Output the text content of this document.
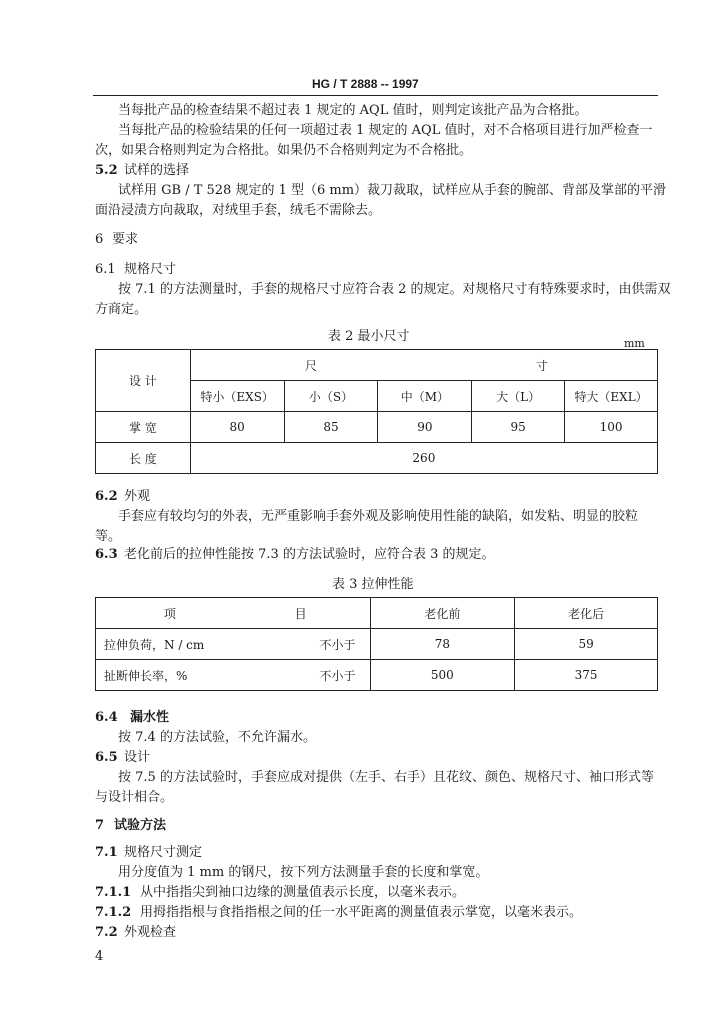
HG / T 2888 -- 1997
当每批产品的检查结果不超过表 1 规定的 AQL 值时，则判定该批产品为合格批。
当每批产品的检验结果的任何一项超过表 1 规定的 AQL 值时，对不合格项目进行加严检查一
次，如果合格则判定为合格批。如果仍不合格则判定为不合格批。
5.2 试样的选择
试样用 GB / T 528 规定的 1 型（6 mm）裁刀裁取，试样应从手套的腕部、背部及掌部的平滑
面沿浸渍方向裁取，对绒里手套，绒毛不需除去。
6 要求
6.1 规格尺寸
按 7.1 的方法测量时，手套的规格尺寸应符合表 2 的规定。对规格尺寸有特殊要求时，由供需双
方商定。
表 2 最小尺寸	mm
设 计	尺 寸				
	特小（EXS）	小（S）	中（M）	大（L）	特大（EXL）
掌 宽	80	85	90	95	100
长 度	260				
6.2 外观
手套应有较均匀的外表，无严重影响手套外观及影响使用性能的缺陷，如发粘、明显的胶粒
等。
6.3 老化前后的拉伸性能按 7.3 的方法试验时，应符合表 3 的规定。
表 3 拉伸性能
项 目	老化前	老化后
拉伸负荷，N / cm 不小于	78	59
扯断伸长率，% 不小于	500	375
6.4 漏水性
按 7.4 的方法试验，不允许漏水。
6.5 设计
按 7.5 的方法试验时，手套应成对提供（左手、右手）且花纹、颜色、规格尺寸、袖口形式等
与设计相合。
7 试验方法
7.1 规格尺寸测定
用分度值为 1 mm 的钢尺，按下列方法测量手套的长度和掌宽。
7.1.1 从中指指尖到袖口边缘的测量值表示长度，以毫米表示。
7.1.2 用拇指指根与食指指根之间的任一水平距离的测量值表示掌宽，以毫米表示。
7.2 外观检查
4
